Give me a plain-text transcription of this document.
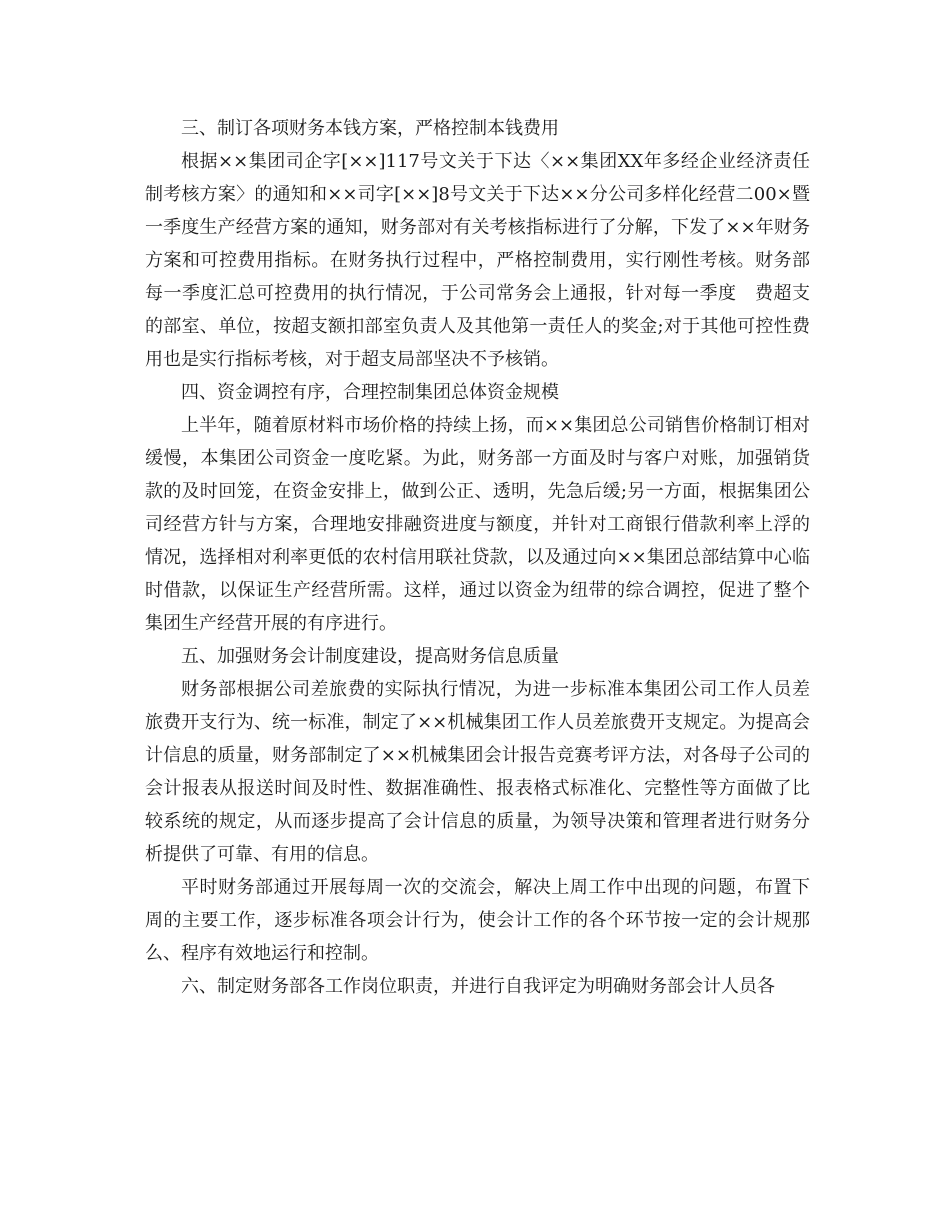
三、制订各项财务本钱方案，严格控制本钱费用

根据××集团司企字[××]117号文关于下达〈××集团XX年多经企业经济责任制考核方案〉的通知和××司字[××]8号文关于下达××分公司多样化经营二00×暨一季度生产经营方案的通知，财务部对有关考核指标进行了分解，下发了××年财务方案和可控费用指标。在财务执行过程中，严格控制费用，实行刚性考核。财务部每一季度汇总可控费用的执行情况，于公司常务会上通报，针对每一季度　费超支的部室、单位，按超支额扣部室负责人及其他第一责任人的奖金;对于其他可控性费用也是实行指标考核，对于超支局部坚决不予核销。

四、资金调控有序，合理控制集团总体资金规模

上半年，随着原材料市场价格的持续上扬，而××集团总公司销售价格制订相对缓慢，本集团公司资金一度吃紧。为此，财务部一方面及时与客户对账，加强销货款的及时回笼，在资金安排上，做到公正、透明，先急后缓;另一方面，根据集团公司经营方针与方案，合理地安排融资进度与额度，并针对工商银行借款利率上浮的情况，选择相对利率更低的农村信用联社贷款，以及通过向××集团总部结算中心临时借款，以保证生产经营所需。这样，通过以资金为纽带的综合调控，促进了整个集团生产经营开展的有序进行。

五、加强财务会计制度建设，提高财务信息质量

财务部根据公司差旅费的实际执行情况，为进一步标准本集团公司工作人员差旅费开支行为、统一标准，制定了××机械集团工作人员差旅费开支规定。为提高会计信息的质量，财务部制定了××机械集团会计报告竞赛考评方法，对各母子公司的会计报表从报送时间及时性、数据准确性、报表格式标准化、完整性等方面做了比较系统的规定，从而逐步提高了会计信息的质量，为领导决策和管理者进行财务分析提供了可靠、有用的信息。

平时财务部通过开展每周一次的交流会，解决上周工作中出现的问题，布置下周的主要工作，逐步标准各项会计行为，使会计工作的各个环节按一定的会计规那么、程序有效地运行和控制。

六、制定财务部各工作岗位职责，并进行自我评定为明确财务部会计人员各
